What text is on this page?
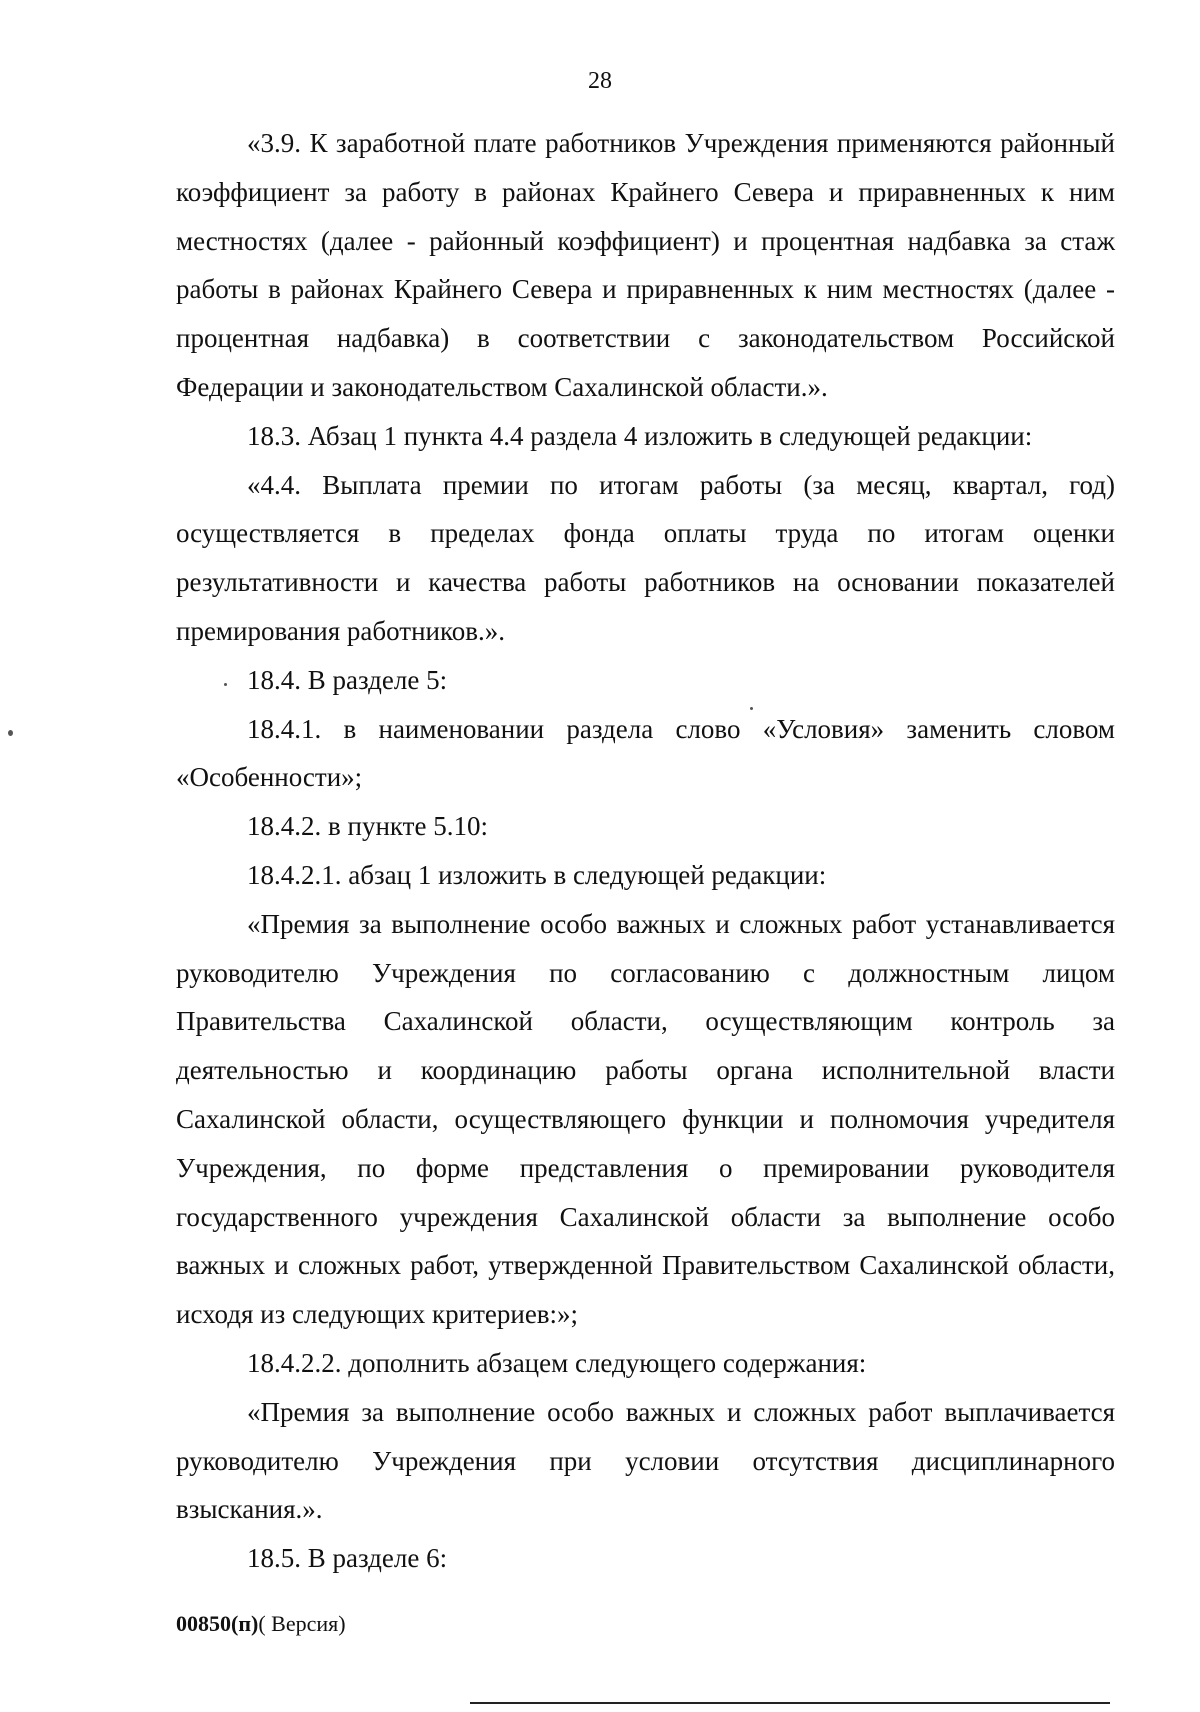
28

«3.9. К заработной плате работников Учреждения применяются районный коэффициент за работу в районах Крайнего Севера и приравненных к ним местностях (далее - районный коэффициент) и процентная надбавка за стаж работы в районах Крайнего Севера и приравненных к ним местностях (далее - процентная надбавка) в соответствии с законодательством Российской Федерации и законодательством Сахалинской области.».

18.3. Абзац 1 пункта 4.4 раздела 4 изложить в следующей редакции:

«4.4. Выплата премии по итогам работы (за месяц, квартал, год) осуществляется в пределах фонда оплаты труда по итогам оценки результативности и качества работы работников на основании показателей премирования работников.».

18.4. В разделе 5:

18.4.1. в наименовании раздела слово «Условия» заменить словом «Особенности»;

18.4.2. в пункте 5.10:

18.4.2.1. абзац 1 изложить в следующей редакции:

«Премия за выполнение особо важных и сложных работ устанавливается руководителю Учреждения по согласованию с должностным лицом Правительства Сахалинской области, осуществляющим контроль за деятельностью и координацию работы органа исполнительной власти Сахалинской области, осуществляющего функции и полномочия учредителя Учреждения, по форме представления о премировании руководителя государственного учреждения Сахалинской области за выполнение особо важных и сложных работ, утвержденной Правительством Сахалинской области, исходя из следующих критериев:»;

18.4.2.2. дополнить абзацем следующего содержания:

«Премия за выполнение особо важных и сложных работ выплачивается руководителю Учреждения при условии отсутствия дисциплинарного взыскания.».

18.5. В разделе 6:

00850(п)( Версия)
